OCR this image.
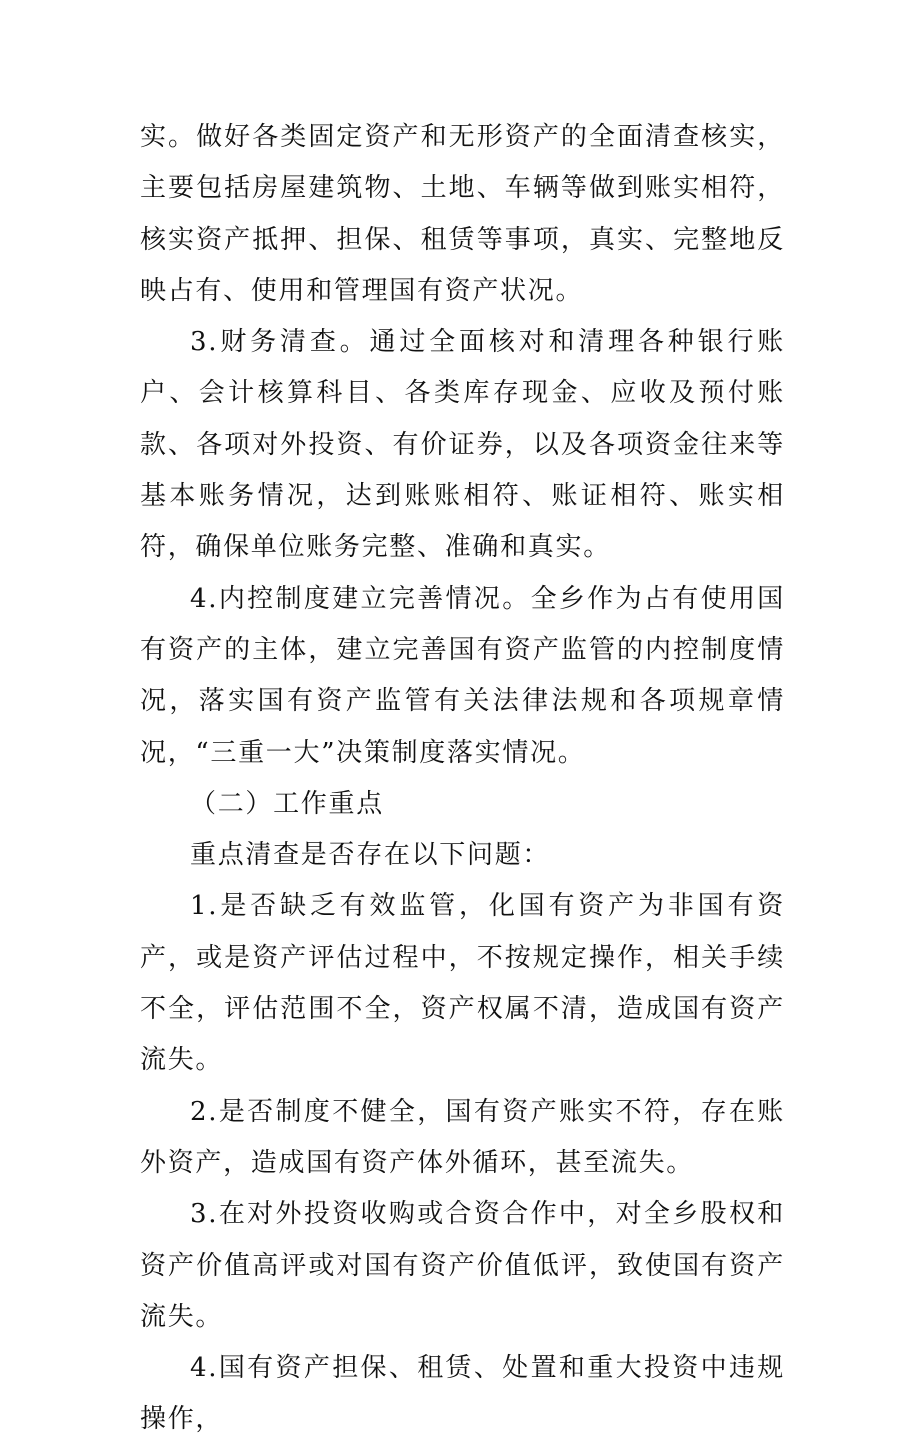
实。做好各类固定资产和无形资产的全面清查核实，主要包括房屋建筑物、土地、车辆等做到账实相符，核实资产抵押、担保、租赁等事项，真实、完整地反映占有、使用和管理国有资产状况。

3.财务清查。通过全面核对和清理各种银行账户、会计核算科目、各类库存现金、应收及预付账款、各项对外投资、有价证券，以及各项资金往来等基本账务情况，达到账账相符、账证相符、账实相符，确保单位账务完整、准确和真实。

4.内控制度建立完善情况。全乡作为占有使用国有资产的主体，建立完善国有资产监管的内控制度情况，落实国有资产监管有关法律法规和各项规章情况，“三重一大”决策制度落实情况。

（二）工作重点

重点清查是否存在以下问题：

1.是否缺乏有效监管，化国有资产为非国有资产，或是资产评估过程中，不按规定操作，相关手续不全，评估范围不全，资产权属不清，造成国有资产流失。

2.是否制度不健全，国有资产账实不符，存在账外资产，造成国有资产体外循环，甚至流失。

3.在对外投资收购或合资合作中，对全乡股权和资产价值高评或对国有资产价值低评，致使国有资产流失。

4.国有资产担保、租赁、处置和重大投资中违规操作，
